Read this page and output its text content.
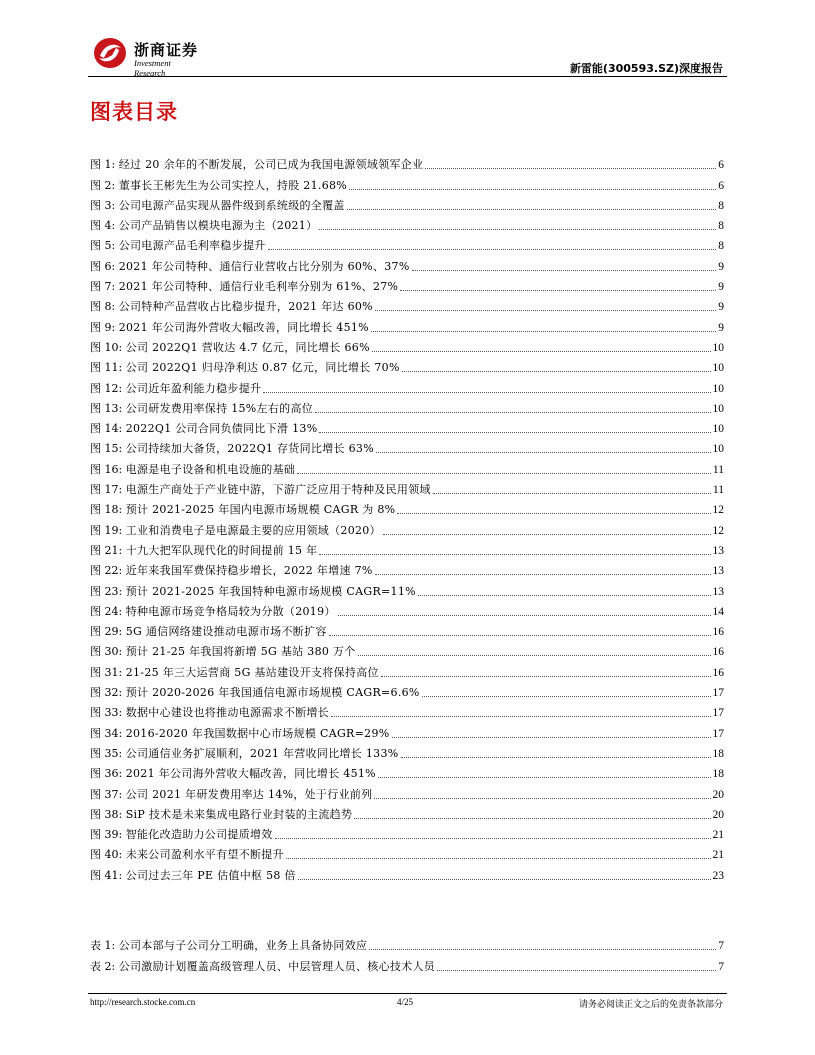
浙商证券
Investment Research	新雷能(300593.SZ)深度报告
图表目录
图 1: 经过 20 余年的不断发展，公司已成为我国电源领域领军企业	6
图 2: 董事长王彬先生为公司实控人，持股 21.68%	6
图 3: 公司电源产品实现从器件级到系统级的全覆盖	8
图 4: 公司产品销售以模块电源为主（2021）	8
图 5: 公司电源产品毛利率稳步提升	8
图 6: 2021 年公司特种、通信行业营收占比分别为 60%、37%	9
图 7: 2021 年公司特种、通信行业毛利率分别为 61%、27%	9
图 8: 公司特种产品营收占比稳步提升，2021 年达 60%	9
图 9: 2021 年公司海外营收大幅改善，同比增长 451%	9
图 10: 公司 2022Q1 营收达 4.7 亿元，同比增长 66%	10
图 11: 公司 2022Q1 归母净利达 0.87 亿元，同比增长 70%	10
图 12: 公司近年盈利能力稳步提升	10
图 13: 公司研发费用率保持 15%左右的高位	10
图 14: 2022Q1 公司合同负债同比下滑 13%	10
图 15: 公司持续加大备货，2022Q1 存货同比增长 63%	10
图 16: 电源是电子设备和机电设施的基础	11
图 17: 电源生产商处于产业链中游，下游广泛应用于特种及民用领域	11
图 18: 预计 2021-2025 年国内电源市场规模 CAGR 为 8%	12
图 19: 工业和消费电子是电源最主要的应用领域（2020）	12
图 21: 十九大把军队现代化的时间提前 15 年	13
图 22: 近年来我国军费保持稳步增长，2022 年增速 7%	13
图 23: 预计 2021-2025 年我国特种电源市场规模 CAGR=11%	13
图 24: 特种电源市场竞争格局较为分散（2019）	14
图 29: 5G 通信网络建设推动电源市场不断扩容	16
图 30: 预计 21-25 年我国将新增 5G 基站 380 万个	16
图 31: 21-25 年三大运营商 5G 基站建设开支将保持高位	16
图 32: 预计 2020-2026 年我国通信电源市场规模 CAGR=6.6%	17
图 33: 数据中心建设也将推动电源需求不断增长	17
图 34: 2016-2020 年我国数据中心市场规模 CAGR=29%	17
图 35: 公司通信业务扩展顺利，2021 年营收同比增长 133%	18
图 36: 2021 年公司海外营收大幅改善，同比增长 451%	18
图 37: 公司 2021 年研发费用率达 14%，处于行业前列	20
图 38: SiP 技术是未来集成电路行业封装的主流趋势	20
图 39: 智能化改造助力公司提质增效	21
图 40: 未来公司盈利水平有望不断提升	21
图 41: 公司过去三年 PE 估值中枢 58 倍	23
表 1: 公司本部与子公司分工明确，业务上具备协同效应	7
表 2: 公司激励计划覆盖高级管理人员、中层管理人员、核心技术人员	7
http://research.stocke.com.cn	4/25	请务必阅读正文之后的免责条款部分
